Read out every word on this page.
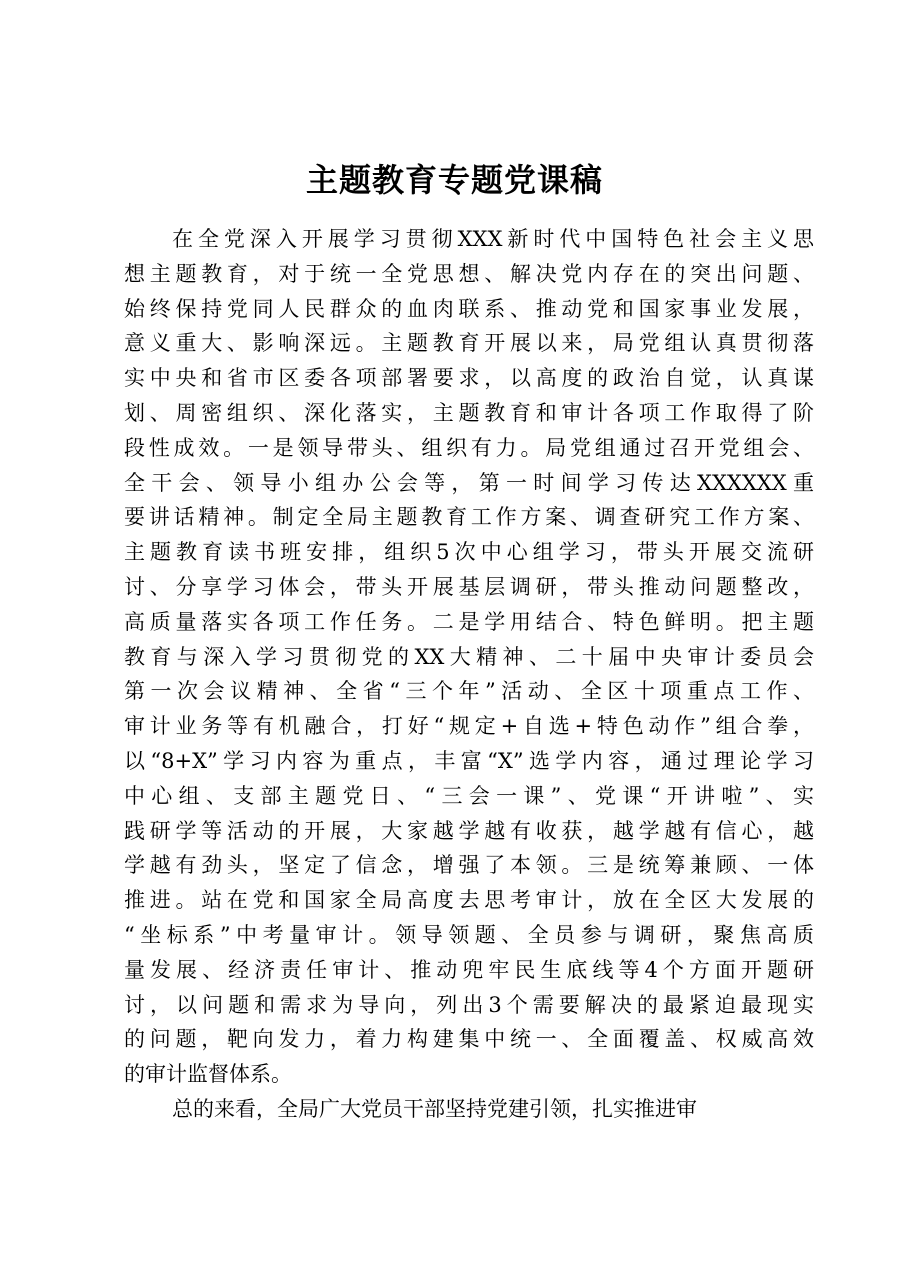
主题教育专题党课稿
在全党深入开展学习贯彻XXX新时代中国特色社会主义思
想主题教育，对于统一全党思想、解决党内存在的突出问题、
始终保持党同人民群众的血肉联系、推动党和国家事业发展，
意义重大、影响深远。主题教育开展以来，局党组认真贯彻落
实中央和省市区委各项部署要求，以高度的政治自觉，认真谋
划、周密组织、深化落实，主题教育和审计各项工作取得了阶
段性成效。一是领导带头、组织有力。局党组通过召开党组会、
全干会、领导小组办公会等，第一时间学习传达XXXXXX重
要讲话精神。制定全局主题教育工作方案、调查研究工作方案、
主题教育读书班安排，组织5次中心组学习，带头开展交流研
讨、分享学习体会，带头开展基层调研，带头推动问题整改，
高质量落实各项工作任务。二是学用结合、特色鲜明。把主题
教育与深入学习贯彻党的XX大精神、二十届中央审计委员会
第一次会议精神、全省“三个年”活动、全区十项重点工作、
审计业务等有机融合，打好“规定+自选+特色动作”组合拳，
以“8+X”学习内容为重点，丰富“X”选学内容，通过理论学习
中心组、支部主题党日、“三会一课”、党课“开讲啦”、实
践研学等活动的开展，大家越学越有收获，越学越有信心，越
学越有劲头，坚定了信念，增强了本领。三是统筹兼顾、一体
推进。站在党和国家全局高度去思考审计，放在全区大发展的
“坐标系”中考量审计。领导领题、全员参与调研，聚焦高质
量发展、经济责任审计、推动兜牢民生底线等4个方面开题研
讨，以问题和需求为导向，列出3个需要解决的最紧迫最现实
的问题，靶向发力，着力构建集中统一、全面覆盖、权威高效
的审计监督体系。
总的来看，全局广大党员干部坚持党建引领，扎实推进审
